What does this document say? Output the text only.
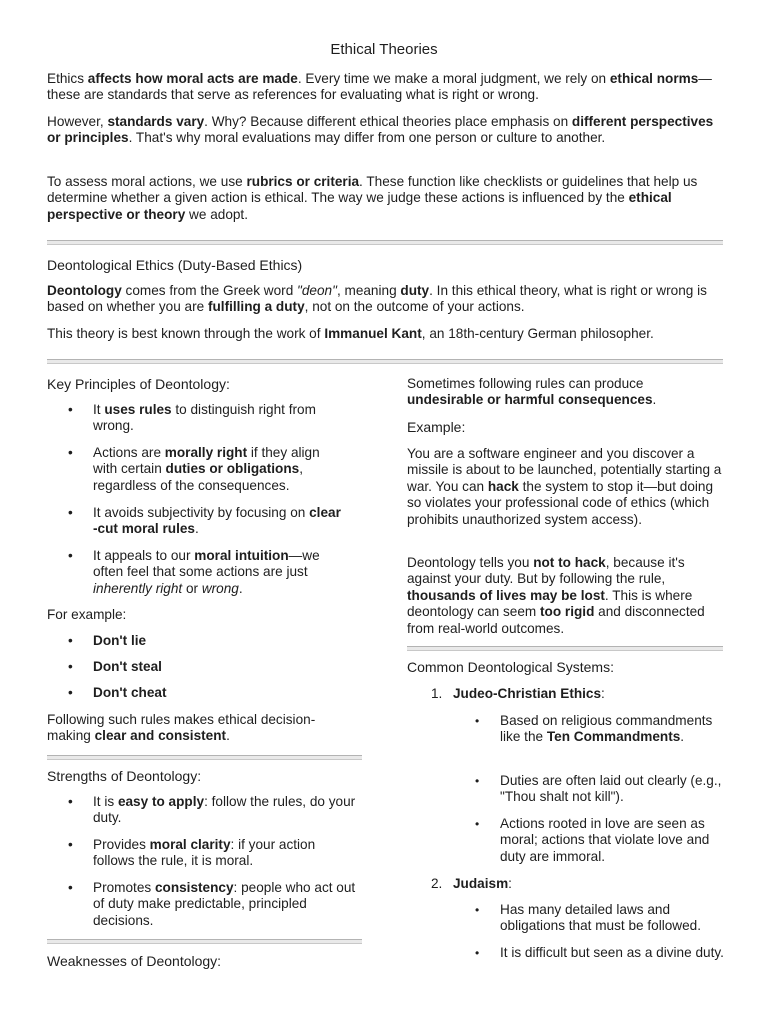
Ethical Theories
Ethics affects how moral acts are made. Every time we make a moral judgment, we rely on ethical norms—these are standards that serve as references for evaluating what is right or wrong.
However, standards vary. Why? Because different ethical theories place emphasis on different perspectives or principles. That's why moral evaluations may differ from one person or culture to another.
To assess moral actions, we use rubrics or criteria. These function like checklists or guidelines that help us determine whether a given action is ethical. The way we judge these actions is influenced by the ethical perspective or theory we adopt.
Deontological Ethics (Duty-Based Ethics)
Deontology comes from the Greek word "deon", meaning duty. In this ethical theory, what is right or wrong is based on whether you are fulfilling a duty, not on the outcome of your actions.
This theory is best known through the work of Immanuel Kant, an 18th-century German philosopher.
Key Principles of Deontology:
• It uses rules to distinguish right from wrong.
• Actions are morally right if they align with certain duties or obligations, regardless of the consequences.
• It avoids subjectivity by focusing on clear -cut moral rules.
• It appeals to our moral intuition—we often feel that some actions are just inherently right or wrong.
For example:
• Don't lie
• Don't steal
• Don't cheat
Following such rules makes ethical decision-making clear and consistent.
Strengths of Deontology:
• It is easy to apply: follow the rules, do your duty.
• Provides moral clarity: if your action follows the rule, it is moral.
• Promotes consistency: people who act out of duty make predictable, principled decisions.
Weaknesses of Deontology:
Sometimes following rules can produce undesirable or harmful consequences.
Example:
You are a software engineer and you discover a missile is about to be launched, potentially starting a war. You can hack the system to stop it—but doing so violates your professional code of ethics (which prohibits unauthorized system access).
Deontology tells you not to hack, because it's against your duty. But by following the rule, thousands of lives may be lost. This is where deontology can seem too rigid and disconnected from real-world outcomes.
Common Deontological Systems:
1. Judeo-Christian Ethics:
• Based on religious commandments like the Ten Commandments.
• Duties are often laid out clearly (e.g., "Thou shalt not kill").
• Actions rooted in love are seen as moral; actions that violate love and duty are immoral.
2. Judaism:
• Has many detailed laws and obligations that must be followed.
• It is difficult but seen as a divine duty.
